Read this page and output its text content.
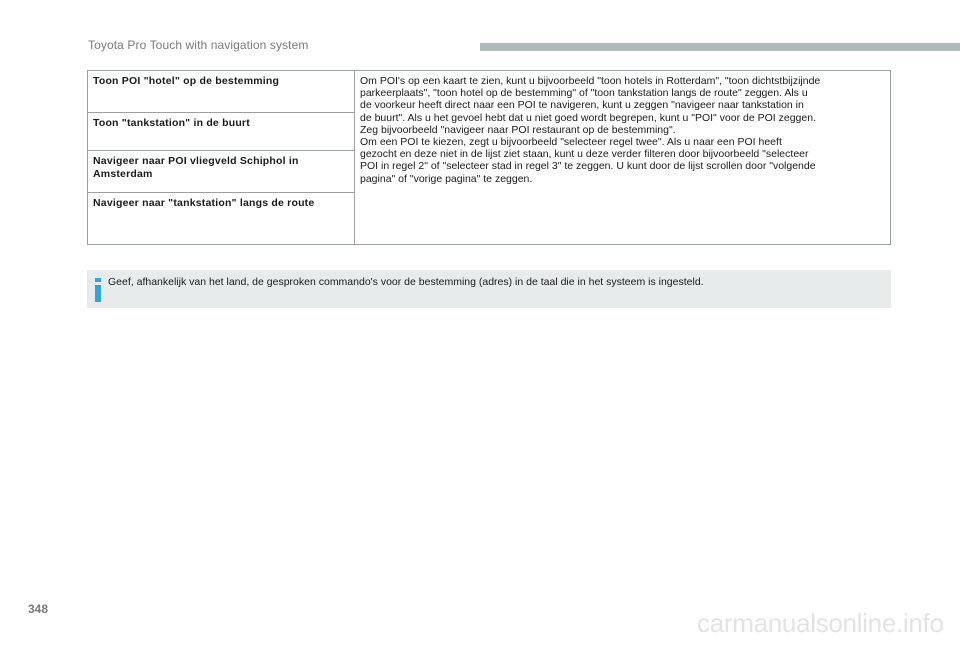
Toyota Pro Touch with navigation system
Toon POI "hotel" op de bestemming
Toon "tankstation" in de buurt
Navigeer naar POI vliegveld Schiphol in
Amsterdam
Navigeer naar "tankstation" langs de route
Om POI's op een kaart te zien, kunt u bijvoorbeeld "toon hotels in Rotterdam", "toon dichtstbijzijnde
parkeerplaats", "toon hotel op de bestemming" of "toon tankstation langs de route" zeggen. Als u
de voorkeur heeft direct naar een POI te navigeren, kunt u zeggen "navigeer naar tankstation in
de buurt". Als u het gevoel hebt dat u niet goed wordt begrepen, kunt u "POI" voor de POI zeggen.
Zeg bijvoorbeeld "navigeer naar POI restaurant op de bestemming".
Om een POI te kiezen, zegt u bijvoorbeeld "selecteer regel twee". Als u naar een POI heeft
gezocht en deze niet in de lijst ziet staan, kunt u deze verder filteren door bijvoorbeeld "selecteer
POI in regel 2" of "selecteer stad in regel 3" te zeggen. U kunt door de lijst scrollen door "volgende
pagina" of "vorige pagina" te zeggen.
Geef, afhankelijk van het land, de gesproken commando's voor de bestemming (adres) in de taal die in het systeem is ingesteld.
348	carmanualsonline.info
